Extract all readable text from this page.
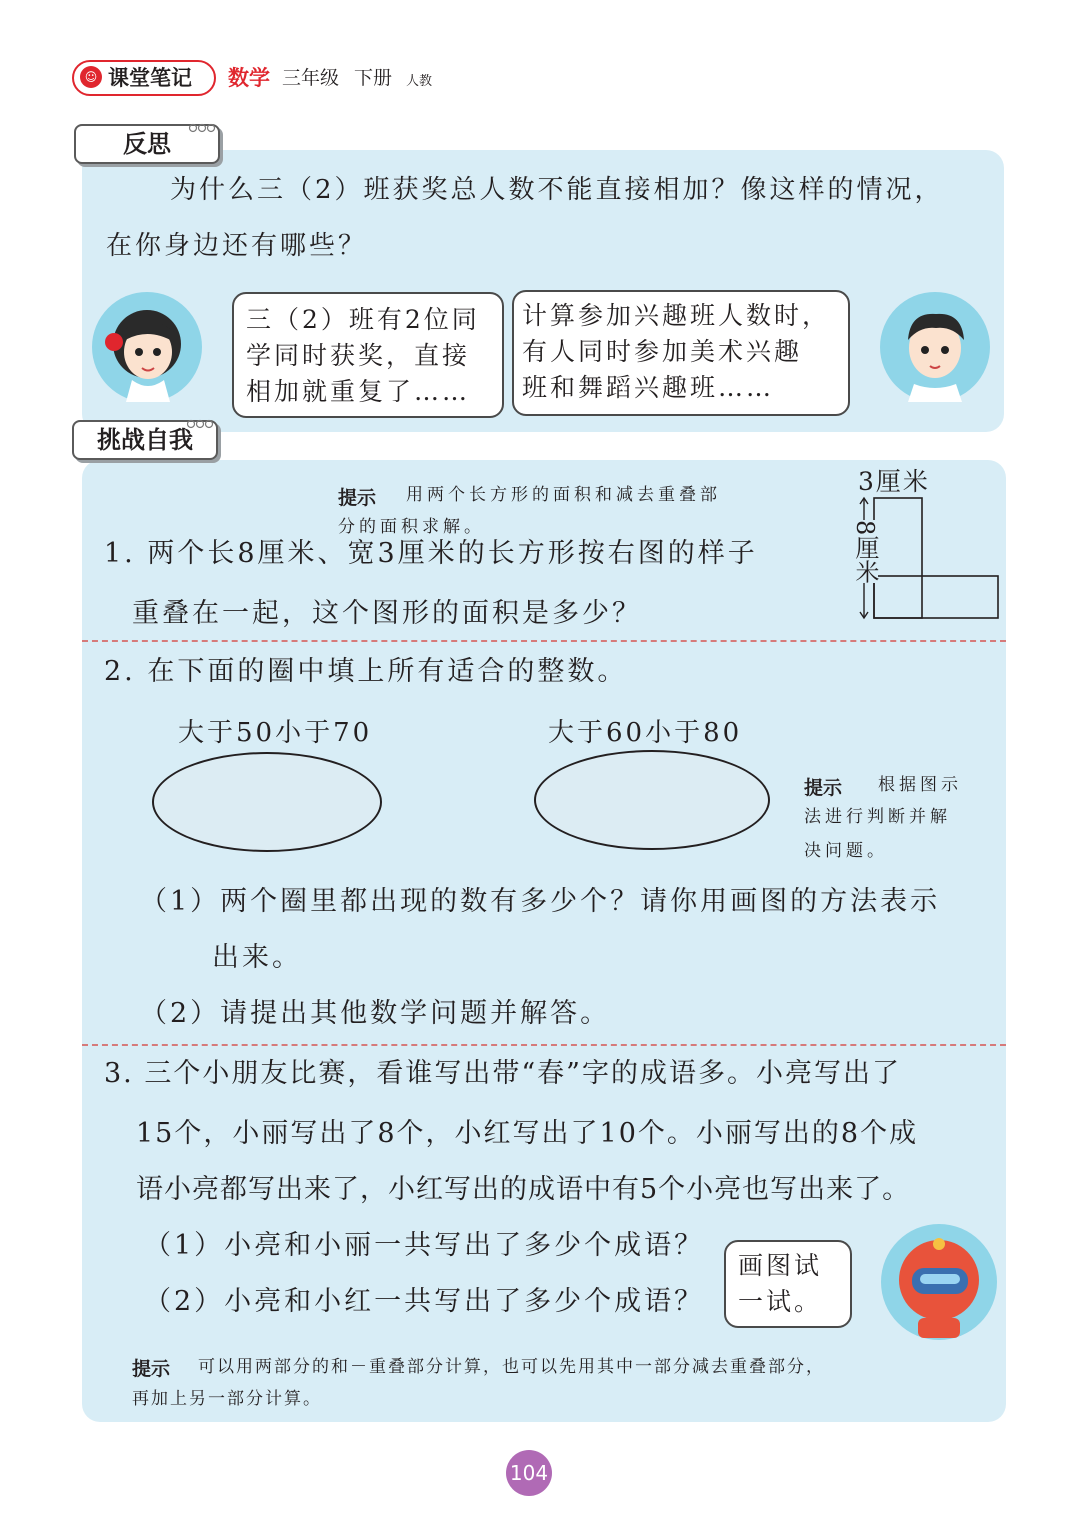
☺ 课堂笔记 数学 三年级 下册 人教
反思
为什么三（2）班获奖总人数不能直接相加？像这样的情况，
在你身边还有哪些？
三（2）班有2位同
学同时获奖，直接
相加就重复了……
计算参加兴趣班人数时，
有人同时参加美术兴趣
班和舞蹈兴趣班……
挑战自我
提示 用两个长方形的面积和减去重叠部
分的面积求解。
1. 两个长8厘米、宽3厘米的长方形按右图的样子
重叠在一起，这个图形的面积是多少？
3厘米
8厘米
2. 在下面的圈中填上所有适合的整数。
大于50小于70	大于60小于80
提示 根据图示
法进行判断并解
决问题。
（1）两个圈里都出现的数有多少个？请你用画图的方法表示
出来。
（2）请提出其他数学问题并解答。
3. 三个小朋友比赛，看谁写出带“春”字的成语多。小亮写出了
15个，小丽写出了8个，小红写出了10个。小丽写出的8个成
语小亮都写出来了，小红写出的成语中有5个小亮也写出来了。
（1）小亮和小丽一共写出了多少个成语？
（2）小亮和小红一共写出了多少个成语？
画图试
一试。
提示 可以用两部分的和－重叠部分计算，也可以先用其中一部分减去重叠部分，
再加上另一部分计算。
104
